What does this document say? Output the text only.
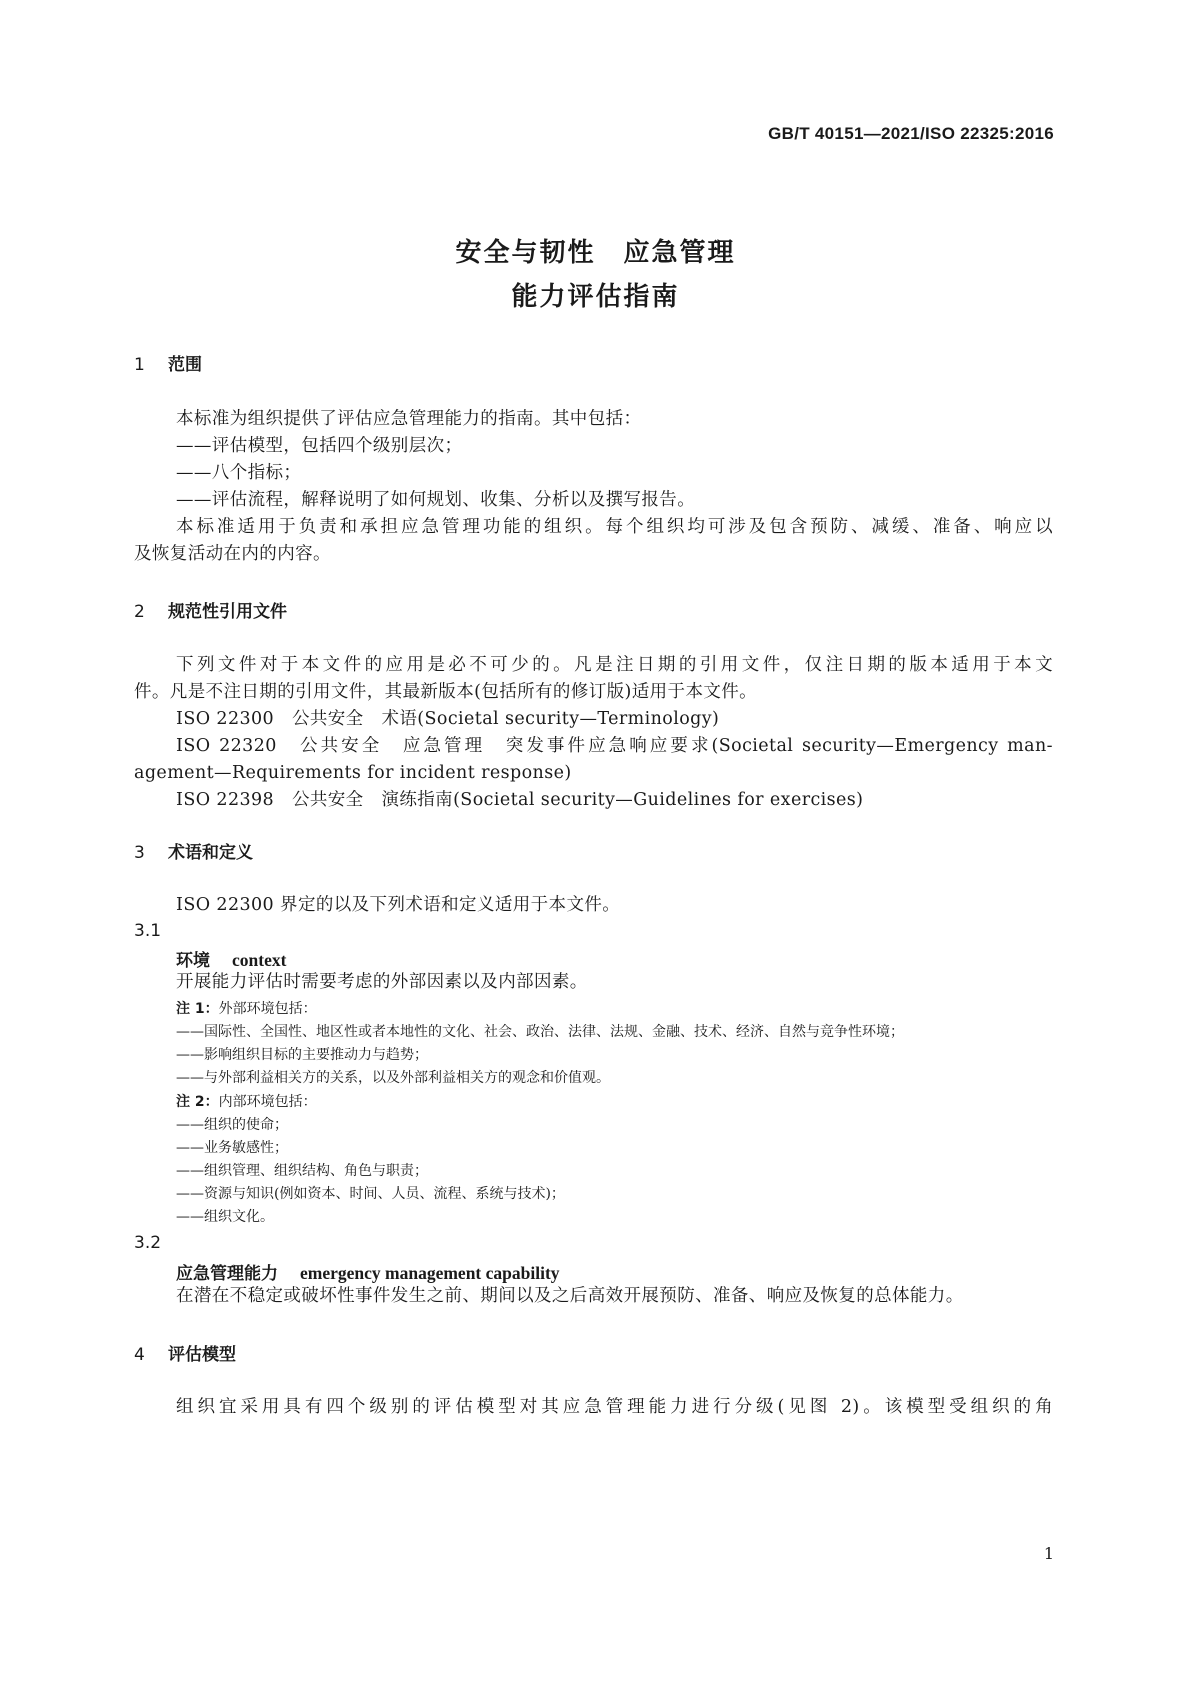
GB/T 40151—2021/ISO 22325:2016
安全与韧性　应急管理
能力评估指南
1 范围
本标准为组织提供了评估应急管理能力的指南。其中包括：
——评估模型，包括四个级别层次；
——八个指标；
——评估流程，解释说明了如何规划、收集、分析以及撰写报告。
本标准适用于负责和承担应急管理功能的组织。每个组织均可涉及包含预防、减缓、准备、响应以
及恢复活动在内的内容。
2 规范性引用文件
下列文件对于本文件的应用是必不可少的。凡是注日期的引用文件，仅注日期的版本适用于本文
件。凡是不注日期的引用文件，其最新版本(包括所有的修订版)适用于本文件。
ISO 22300　公共安全　术语(Societal security—Terminology)
ISO 22320　公共安全　应急管理　突发事件应急响应要求(Societal security—Emergency man-
agement—Requirements for incident response)
ISO 22398　公共安全　演练指南(Societal security—Guidelines for exercises)
3 术语和定义
ISO 22300 界定的以及下列术语和定义适用于本文件。
3.1
环境 context
开展能力评估时需要考虑的外部因素以及内部因素。
注 1：外部环境包括：
——国际性、全国性、地区性或者本地性的文化、社会、政治、法律、法规、金融、技术、经济、自然与竞争性环境；
——影响组织目标的主要推动力与趋势；
——与外部利益相关方的关系，以及外部利益相关方的观念和价值观。
注 2：内部环境包括：
——组织的使命；
——业务敏感性；
——组织管理、组织结构、角色与职责；
——资源与知识(例如资本、时间、人员、流程、系统与技术)；
——组织文化。
3.2
应急管理能力 emergency management capability
在潜在不稳定或破坏性事件发生之前、期间以及之后高效开展预防、准备、响应及恢复的总体能力。
4 评估模型
组织宜采用具有四个级别的评估模型对其应急管理能力进行分级(见图 2)。该模型受组织的角
1
